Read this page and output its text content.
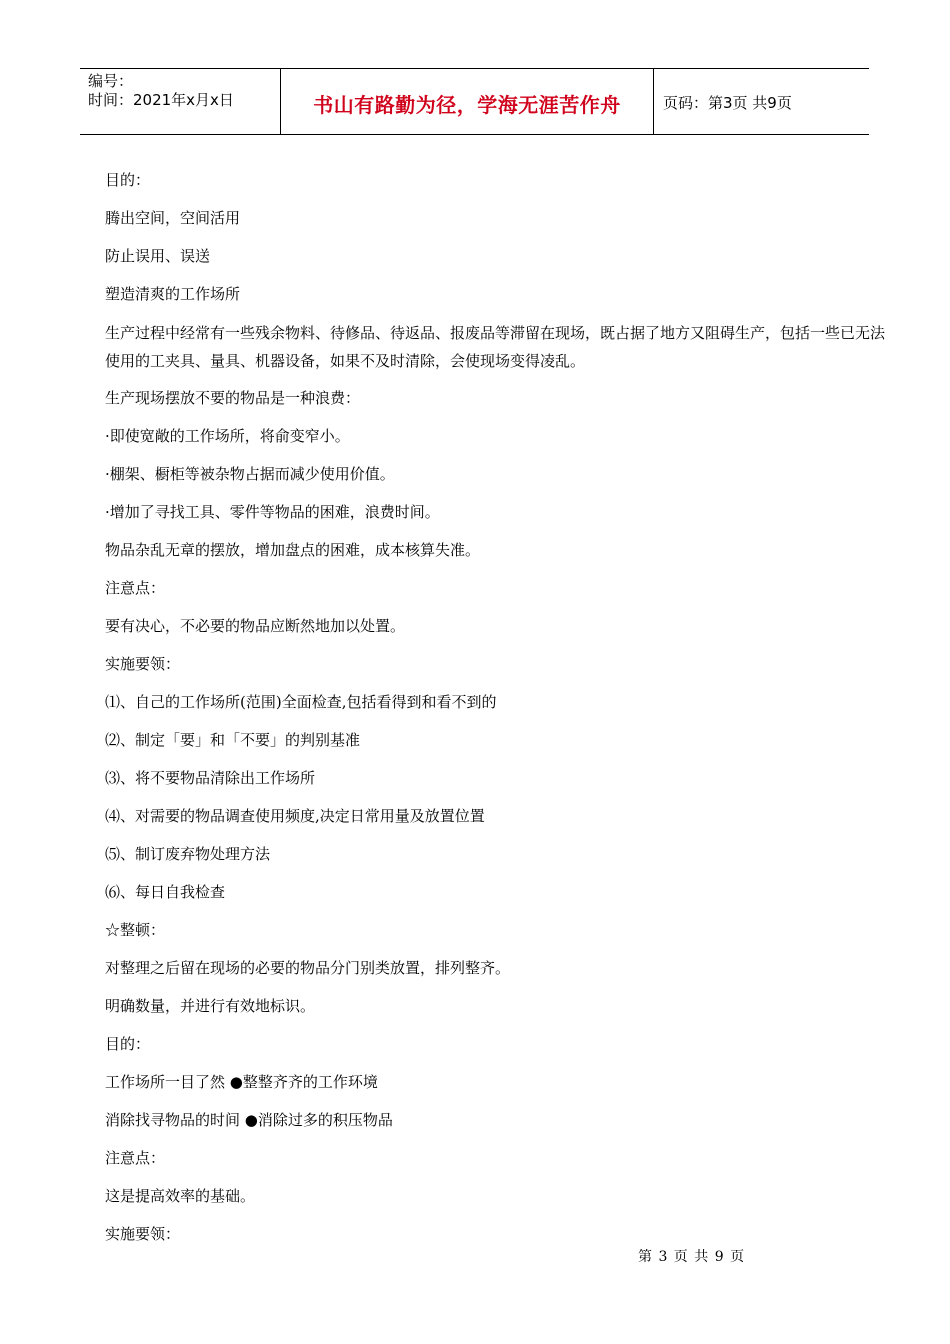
编号：
时间：2021年x月x日	书山有路勤为径，学海无涯苦作舟	页码：第3页 共9页

目的：

腾出空间，空间活用

防止误用、误送

塑造清爽的工作场所

生产过程中经常有一些残余物料、待修品、待返品、报废品等滞留在现场，既占据了地方又阻碍生产，包括一些已无法使用的工夹具、量具、机器设备，如果不及时清除，会使现场变得凌乱。

生产现场摆放不要的物品是一种浪费：

·即使宽敞的工作场所，将俞变窄小。

·棚架、橱柜等被杂物占据而减少使用价值。

·增加了寻找工具、零件等物品的困难，浪费时间。

物品杂乱无章的摆放，增加盘点的困难，成本核算失准。

注意点：

要有决心，不必要的物品应断然地加以处置。

实施要领：

⑴、自己的工作场所(范围)全面检查,包括看得到和看不到的

⑵、制定「要」和「不要」的判别基准

⑶、将不要物品清除出工作场所

⑷、对需要的物品调查使用频度,决定日常用量及放置位置

⑸、制订废弃物处理方法

⑹、每日自我检查

☆整顿：

对整理之后留在现场的必要的物品分门别类放置，排列整齐。

明确数量，并进行有效地标识。

目的：

工作场所一目了然 ●整整齐齐的工作环境

消除找寻物品的时间 ●消除过多的积压物品

注意点：

这是提高效率的基础。

实施要领：

第 3 页 共 9 页
